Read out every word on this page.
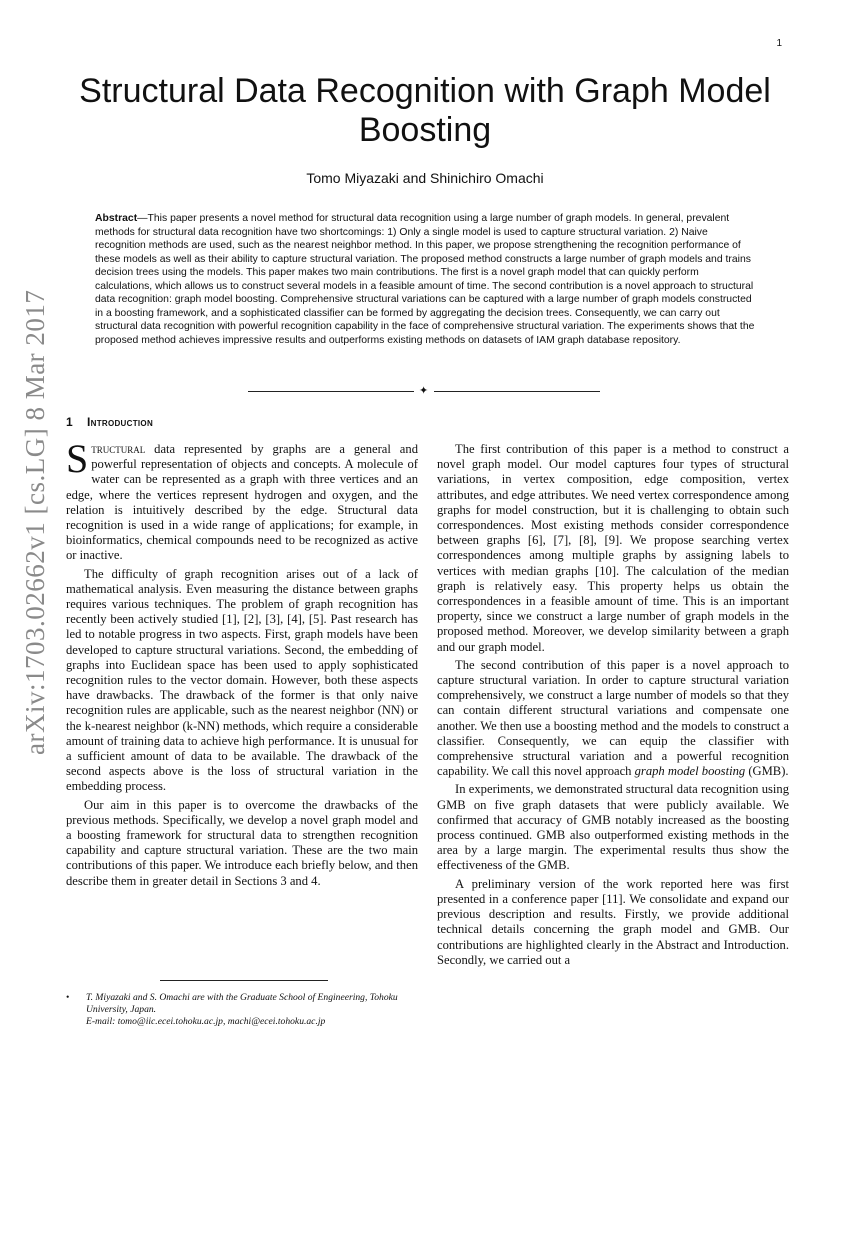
1
arXiv:1703.02662v1 [cs.LG] 8 Mar 2017
Structural Data Recognition with Graph Model Boosting
Tomo Miyazaki and Shinichiro Omachi
Abstract—This paper presents a novel method for structural data recognition using a large number of graph models. In general, prevalent methods for structural data recognition have two shortcomings: 1) Only a single model is used to capture structural variation. 2) Naive recognition methods are used, such as the nearest neighbor method. In this paper, we propose strengthening the recognition performance of these models as well as their ability to capture structural variation. The proposed method constructs a large number of graph models and trains decision trees using the models. This paper makes two main contributions. The first is a novel graph model that can quickly perform calculations, which allows us to construct several models in a feasible amount of time. The second contribution is a novel approach to structural data recognition: graph model boosting. Comprehensive structural variations can be captured with a large number of graph models constructed in a boosting framework, and a sophisticated classifier can be formed by aggregating the decision trees. Consequently, we can carry out structural data recognition with powerful recognition capability in the face of comprehensive structural variation. The experiments shows that the proposed method achieves impressive results and outperforms existing methods on datasets of IAM graph database repository.
✦
1 Introduction

Structural data represented by graphs are a general and powerful representation of objects and concepts. A molecule of water can be represented as a graph with three vertices and an edge, where the vertices represent hydrogen and oxygen, and the relation is intuitively described by the edge. Structural data recognition is used in a wide range of applications; for example, in bioinformatics, chemical compounds need to be recognized as active or inactive.

The difficulty of graph recognition arises out of a lack of mathematical analysis. Even measuring the distance between graphs requires various techniques. The problem of graph recognition has recently been actively studied [1], [2], [3], [4], [5]. Past research has led to notable progress in two aspects. First, graph models have been developed to capture structural variations. Second, the embedding of graphs into Euclidean space has been used to apply sophisticated recognition rules to the vector domain. However, both these aspects have drawbacks. The drawback of the former is that only naive recognition rules are applicable, such as the nearest neighbor (NN) or the k-nearest neighbor (k-NN) methods, which require a considerable amount of training data to achieve high performance. It is unusual for a sufficient amount of data to be available. The drawback of the second aspects above is the loss of structural variation in the embedding process.

Our aim in this paper is to overcome the drawbacks of the previous methods. Specifically, we develop a novel graph model and a boosting framework for structural data to strengthen recognition capability and capture structural variation. These are the two main contributions of this paper. We introduce each briefly below, and then describe them in greater detail in Sections 3 and 4.

The first contribution of this paper is a method to construct a novel graph model. Our model captures four types of structural variations, in vertex composition, edge composition, vertex attributes, and edge attributes. We need vertex correspondence among graphs for model construction, but it is challenging to obtain such correspondences. Most existing methods consider correspondence between graphs [6], [7], [8], [9]. We propose searching vertex correspondences among multiple graphs by assigning labels to vertices with median graphs [10]. The calculation of the median graph is relatively easy. This property helps us obtain the correspondences in a feasible amount of time. This is an important property, since we construct a large number of graph models in the proposed method. Moreover, we develop similarity between a graph and our graph model.

The second contribution of this paper is a novel approach to capture structural variation. In order to capture structural variation comprehensively, we construct a large number of models so that they can contain different structural variations and compensate one another. We then use a boosting method and the models to construct a classifier. Consequently, we can equip the classifier with comprehensive structural variation and a powerful recognition capability. We call this novel approach graph model boosting (GMB).

In experiments, we demonstrated structural data recognition using GMB on five graph datasets that were publicly available. We confirmed that accuracy of GMB notably increased as the boosting process continued. GMB also outperformed existing methods in the area by a large margin. The experimental results thus show the effectiveness of the GMB.

A preliminary version of the work reported here was first presented in a conference paper [11]. We consolidate and expand our previous description and results. Firstly, we provide additional technical details concerning the graph model and GMB. Our contributions are highlighted clearly in the Abstract and Introduction. Secondly, we carried out a

• T. Miyazaki and S. Omachi are with the Graduate School of Engineering, Tohoku University, Japan.
E-mail: tomo@iic.ecei.tohoku.ac.jp, machi@ecei.tohoku.ac.jp
